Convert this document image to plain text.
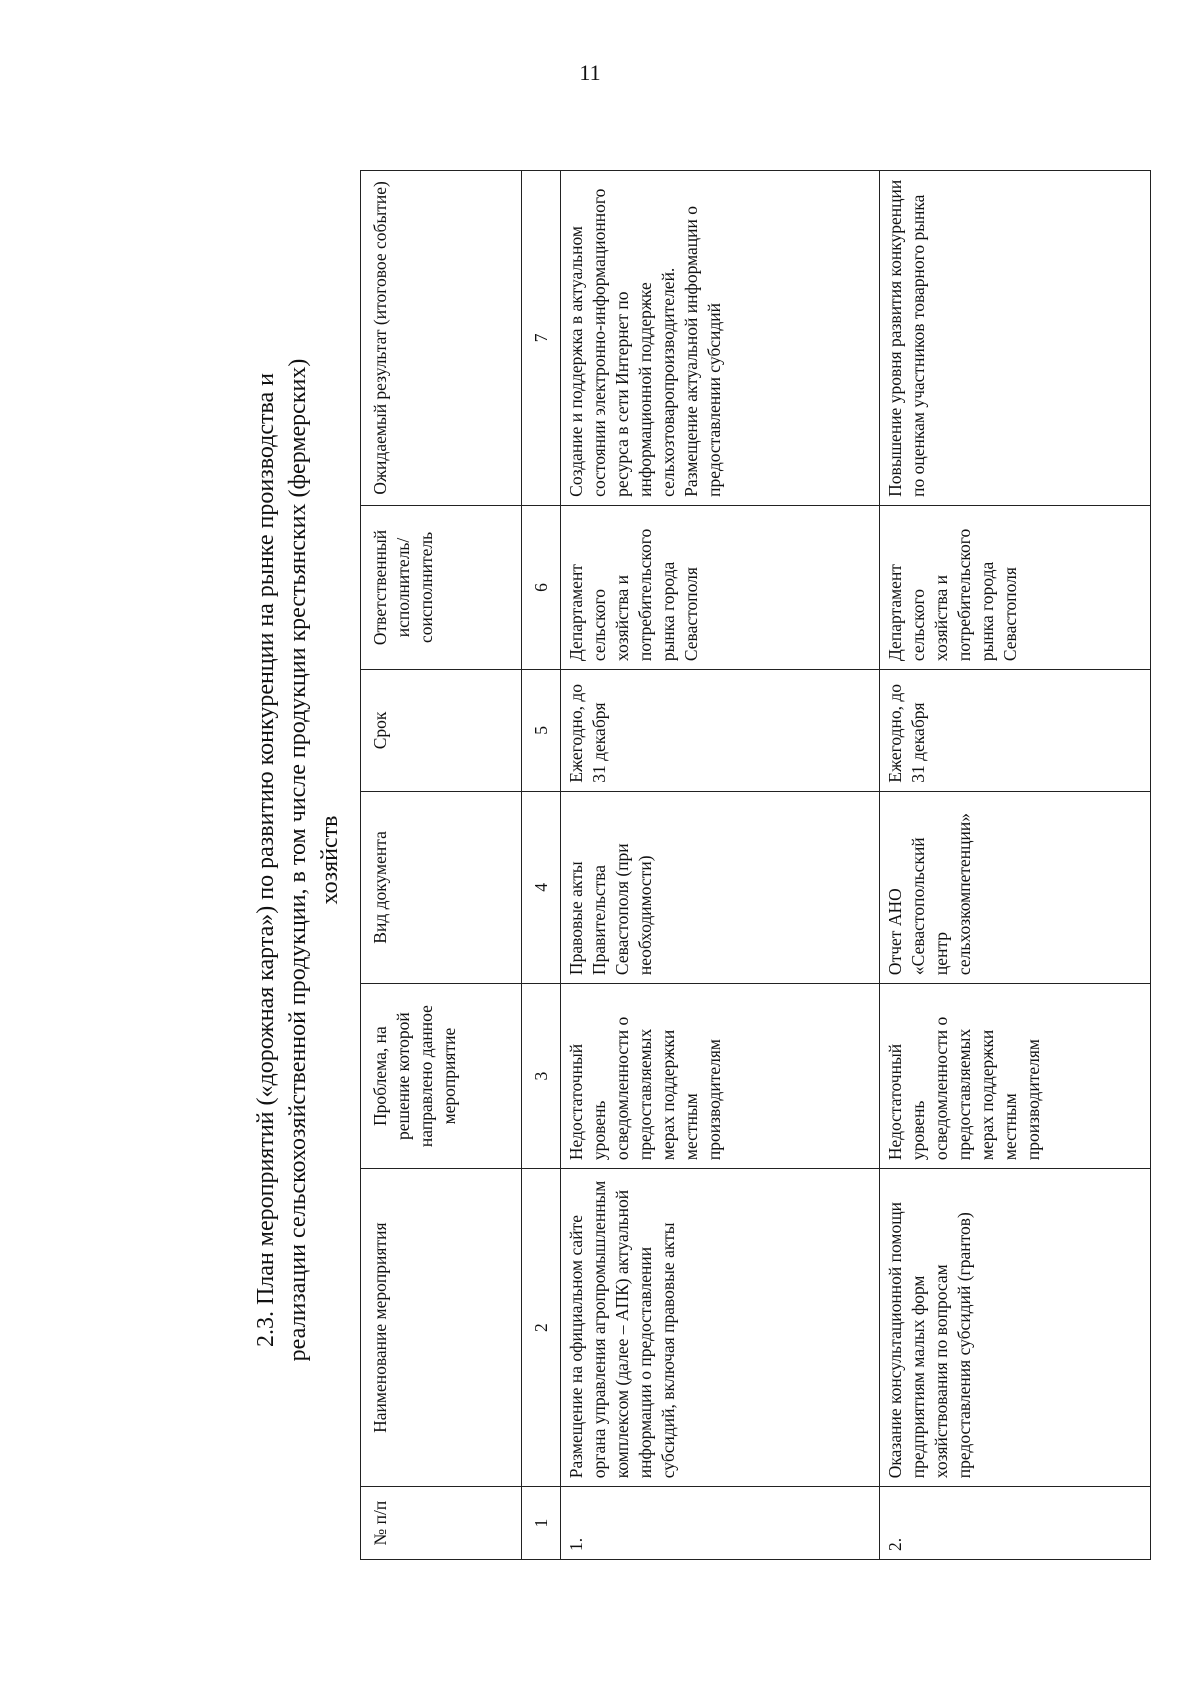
11
2.3. План мероприятий («дорожная карта») по развитию конкуренции на рынке производства и реализации сельскохозяйственной продукции, в том числе продукции крестьянских (фермерских) хозяйств
№ п/п	Наименование мероприятия	Проблема, на решение которой направлено данное мероприятие	Вид документа	Срок	Ответственный исполнитель/ соисполнитель	Ожидаемый результат (итоговое событие)
1	2	3	4	5	6	7
1.	Размещение на официальном сайте органа управления агропромышленным комплексом (далее – АПК) актуальной информации о предоставлении субсидий, включая правовые акты	Недостаточный уровень осведомленности о предоставляемых мерах поддержки местным производителям	Правовые акты Правительства Севастополя (при необходимости)	Ежегодно, до 31 декабря	Департамент сельского хозяйства и потребительского рынка города Севастополя	Создание и поддержка в актуальном состоянии электронно-информационного ресурса в сети Интернет по информационной поддержке сельхозтоваропроизводителей. Размещение актуальной информации о предоставлении субсидий
2.	Оказание консультационной помощи предприятиям малых форм хозяйствования по вопросам предоставления субсидий (грантов)	Недостаточный уровень осведомленности о предоставляемых мерах поддержки местным производителям	Отчет АНО «Севастопольский центр сельхозкомпетенции»	Ежегодно, до 31 декабря	Департамент сельского хозяйства и потребительского рынка города Севастополя	Повышение уровня развития конкуренции по оценкам участников товарного рынка
